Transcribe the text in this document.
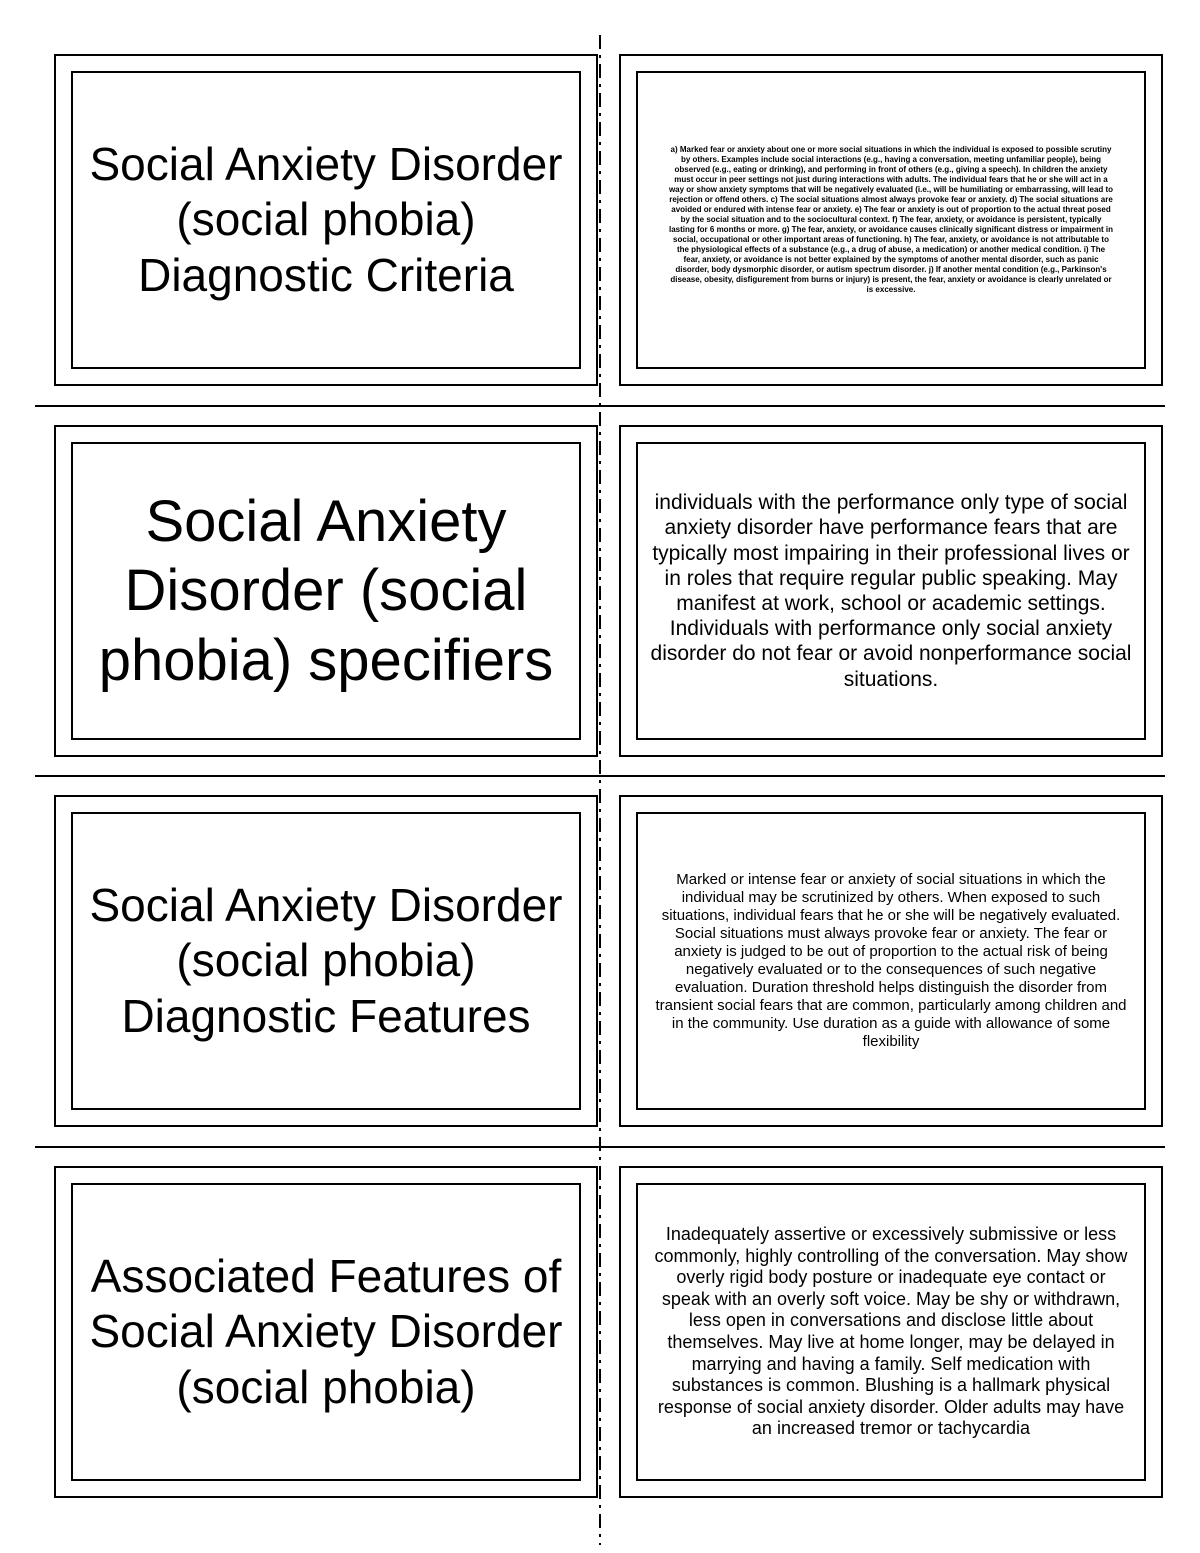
Social Anxiety Disorder (social phobia) Diagnostic Criteria
a) Marked fear or anxiety about one or more social situations in which the individual is exposed to possible scrutiny by others. Examples include social interactions (e.g., having a conversation, meeting unfamiliar people), being observed (e.g., eating or drinking), and performing in front of others (e.g., giving a speech). In children the anxiety must occur in peer settings not just during interactions with adults. The individual fears that he or she will act in a way or show anxiety symptoms that will be negatively evaluated (i.e., will be humiliating or embarrassing, will lead to rejection or offend others. c) The social situations almost always provoke fear or anxiety. d) The social situations are avoided or endured with intense fear or anxiety. e) The fear or anxiety is out of proportion to the actual threat posed by the social situation and to the sociocultural context. f) The fear, anxiety, or avoidance is persistent, typically lasting for 6 months or more. g) The fear, anxiety, or avoidance causes clinically significant distress or impairment in social, occupational or other important areas of functioning. h) The fear, anxiety, or avoidance is not attributable to the physiological effects of a substance (e.g., a drug of abuse, a medication) or another medical condition. i) The fear, anxiety, or avoidance is not better explained by the symptoms of another mental disorder, such as panic disorder, body dysmorphic disorder, or autism spectrum disorder. j) If another mental condition (e.g., Parkinson's disease, obesity, disfigurement from burns or injury) is present, the fear, anxiety or avoidance is clearly unrelated or is excessive.
Social Anxiety Disorder (social phobia) specifiers
individuals with the performance only type of social anxiety disorder have performance fears that are typically most impairing in their professional lives or in roles that require regular public speaking. May manifest at work, school or academic settings. Individuals with performance only social anxiety disorder do not fear or avoid nonperformance social situations.
Social Anxiety Disorder (social phobia) Diagnostic Features
Marked or intense fear or anxiety of social situations in which the individual may be scrutinized by others. When exposed to such situations, individual fears that he or she will be negatively evaluated. Social situations must always provoke fear or anxiety. The fear or anxiety is judged to be out of proportion to the actual risk of being negatively evaluated or to the consequences of such negative evaluation. Duration threshold helps distinguish the disorder from transient social fears that are common, particularly among children and in the community. Use duration as a guide with allowance of some flexibility
Associated Features of Social Anxiety Disorder (social phobia)
Inadequately assertive or excessively submissive or less commonly, highly controlling of the conversation. May show overly rigid body posture or inadequate eye contact or speak with an overly soft voice. May be shy or withdrawn, less open in conversations and disclose little about themselves. May live at home longer, may be delayed in marrying and having a family. Self medication with substances is common. Blushing is a hallmark physical response of social anxiety disorder. Older adults may have an increased tremor or tachycardia
